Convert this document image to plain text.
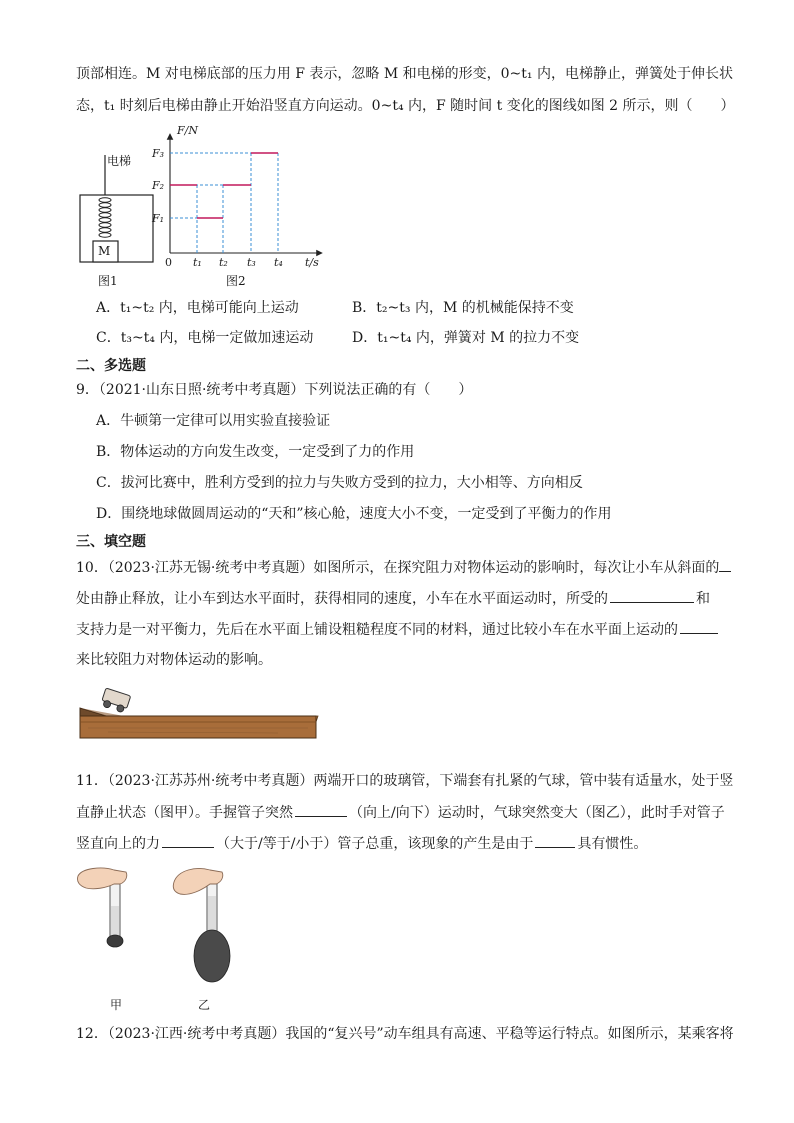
顶部相连。M 对电梯底部的压力用 F 表示，忽略 M 和电梯的形变，0~t₁ 内，电梯静止，弹簧处于伸长状
态，t₁ 时刻后电梯由静止开始沿竖直方向运动。0~t₄ 内，F 随时间 t 变化的图线如图 2 所示，则（　　）
电梯
M
图1
F₁
F₂
F₃
t₁ t₂ t₃ t₄
F/N
t/s
0
图2
A．t₁~t₂ 内，电梯可能向上运动	B．t₂~t₃ 内，M 的机械能保持不变
C．t₃~t₄ 内，电梯一定做加速运动	D．t₁~t₄ 内，弹簧对 M 的拉力不变
二、多选题
9．（2021·山东日照·统考中考真题）下列说法正确的有（　　）
A．牛顿第一定律可以用实验直接验证
B．物体运动的方向发生改变，一定受到了力的作用
C．拔河比赛中，胜利方受到的拉力与失败方受到的拉力，大小相等、方向相反
D．围绕地球做圆周运动的“天和”核心舱，速度大小不变，一定受到了平衡力的作用
三、填空题
10．（2023·江苏无锡·统考中考真题）如图所示，在探究阻力对物体运动的影响时，每次让小车从斜面的
处由静止释放，让小车到达水平面时，获得相同的速度，小车在水平面运动时，所受的	和
支持力是一对平衡力，先后在水平面上铺设粗糙程度不同的材料，通过比较小车在水平面上运动的
来比较阻力对物体运动的影响。
11．（2023·江苏苏州·统考中考真题）两端开口的玻璃管，下端套有扎紧的气球，管中装有适量水，处于竖
直静止状态（图甲）。手握管子突然	（向上/向下）运动时，气球突然变大（图乙），此时手对管子
竖直向上的力	（大于/等于/小于）管子总重，该现象的产生是由于	具有惯性。
甲	乙
12．（2023·江西·统考中考真题）我国的“复兴号”动车组具有高速、平稳等运行特点。如图所示，某乘客将
